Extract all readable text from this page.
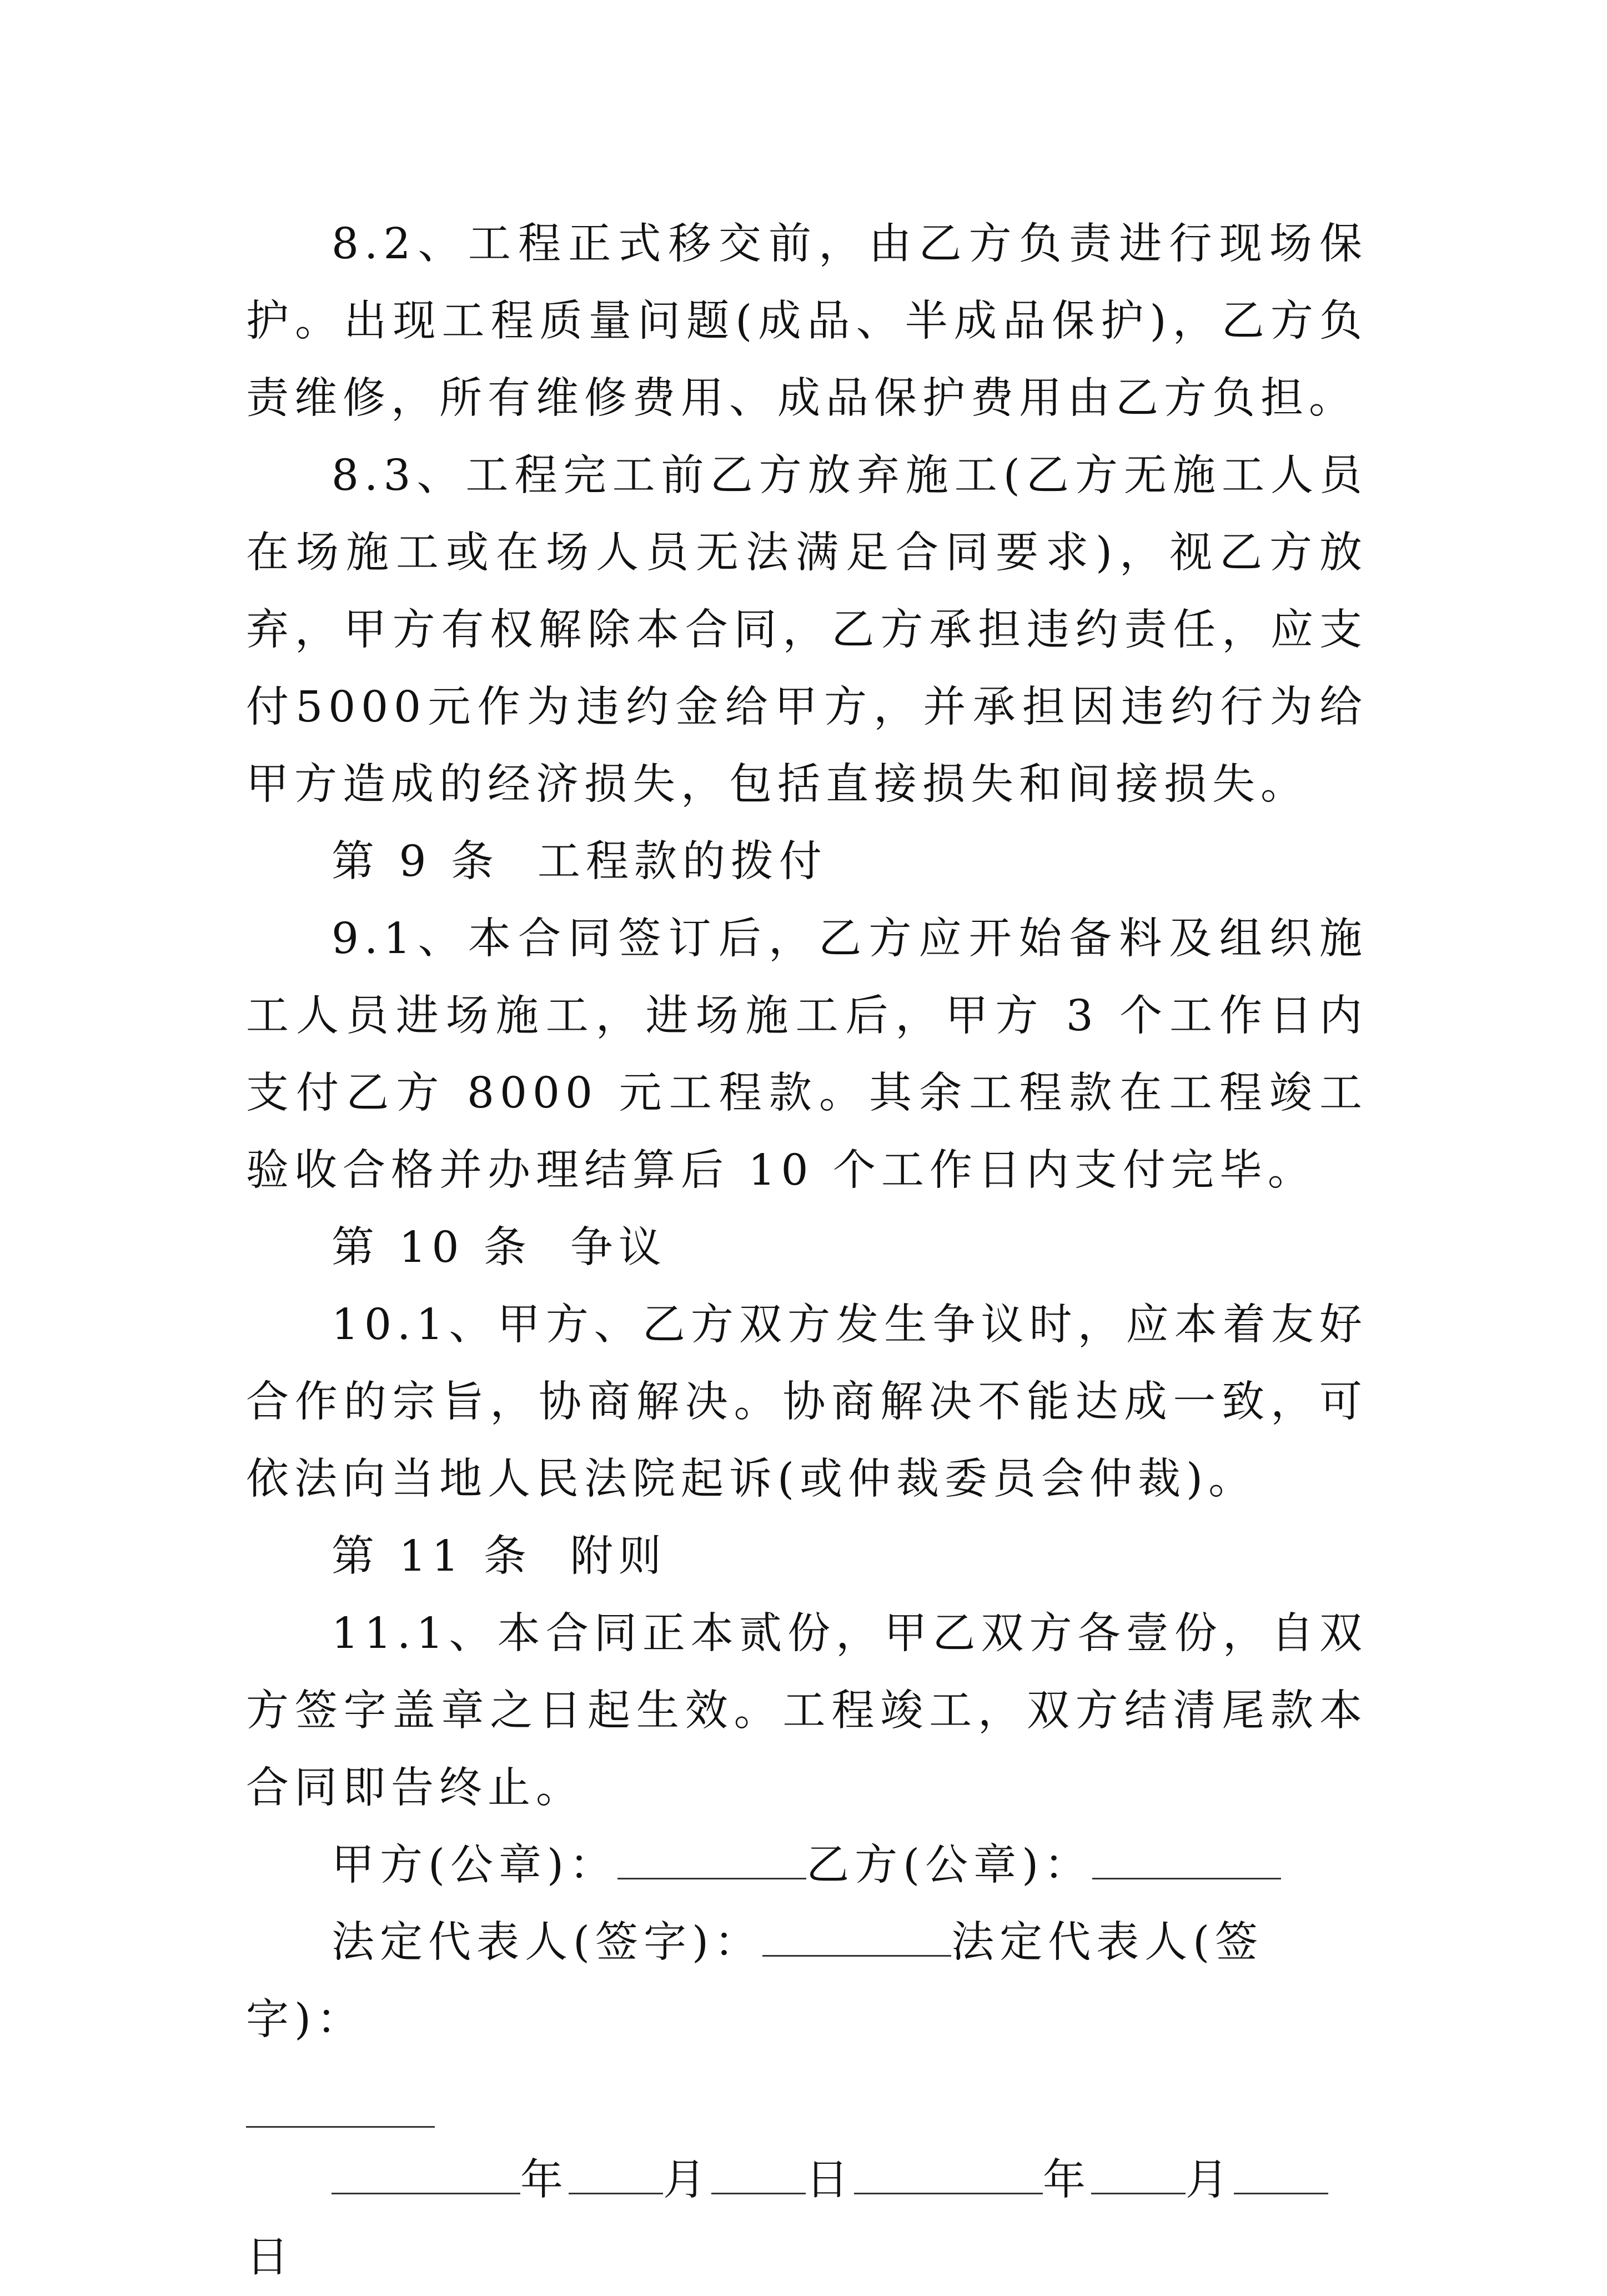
8.2、工程正式移交前，由乙方负责进行现场保护。出现工程质量问题(成品、半成品保护)，乙方负责维修，所有维修费用、成品保护费用由乙方负担。

8.3、工程完工前乙方放弃施工(乙方无施工人员在场施工或在场人员无法满足合同要求)，视乙方放弃，甲方有权解除本合同，乙方承担违约责任，应支付5000元作为违约金给甲方，并承担因违约行为给甲方造成的经济损失，包括直接损失和间接损失。

第 9 条  工程款的拨付

9.1、本合同签订后，乙方应开始备料及组织施工人员进场施工，进场施工后，甲方 3 个工作日内支付乙方 8000 元工程款。其余工程款在工程竣工验收合格并办理结算后 10 个工作日内支付完毕。

第 10 条  争议

10.1、甲方、乙方双方发生争议时，应本着友好合作的宗旨，协商解决。协商解决不能达成一致，可依法向当地人民法院起诉(或仲裁委员会仲裁)。

第 11 条  附则

11.1、本合同正本贰份，甲乙双方各壹份，自双方签字盖章之日起生效。工程竣工，双方结清尾款本合同即告终止。

甲方(公章)：	乙方(公章)：

法定代表人(签字)：	法定代表人(签字)：

年 月 日	年 月日
